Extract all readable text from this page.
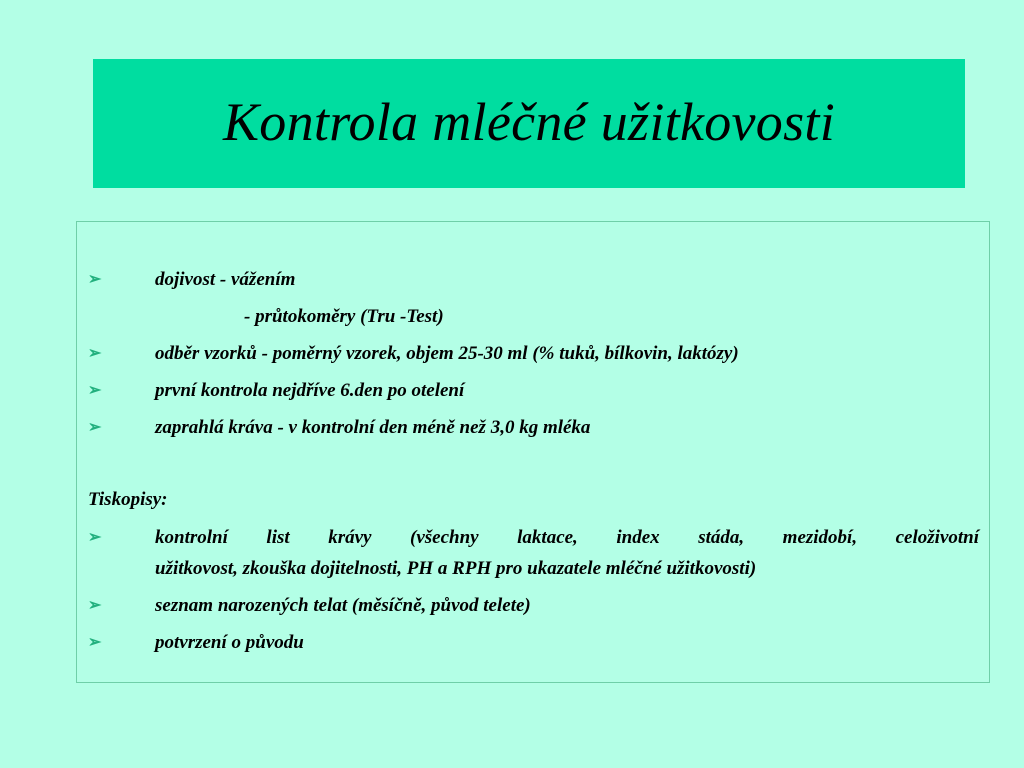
Kontrola mléčné užitkovosti
➢	dojivost - vážením
- průtokoměry (Tru -Test)
➢	odběr vzorků - poměrný vzorek, objem 25-30 ml (% tuků, bílkovin, laktózy)
➢	první kontrola nejdříve 6.den po otelení
➢	zaprahlá kráva - v kontrolní den méně než 3,0 kg mléka
Tiskopisy:
➢	kontrolní list krávy (všechny laktace, index stáda, mezidobí, celoživotní
užitkovost, zkouška dojitelnosti, PH a RPH pro ukazatele mléčné užitkovosti)
➢	seznam narozených telat (měsíčně, původ telete)
➢	potvrzení o původu
